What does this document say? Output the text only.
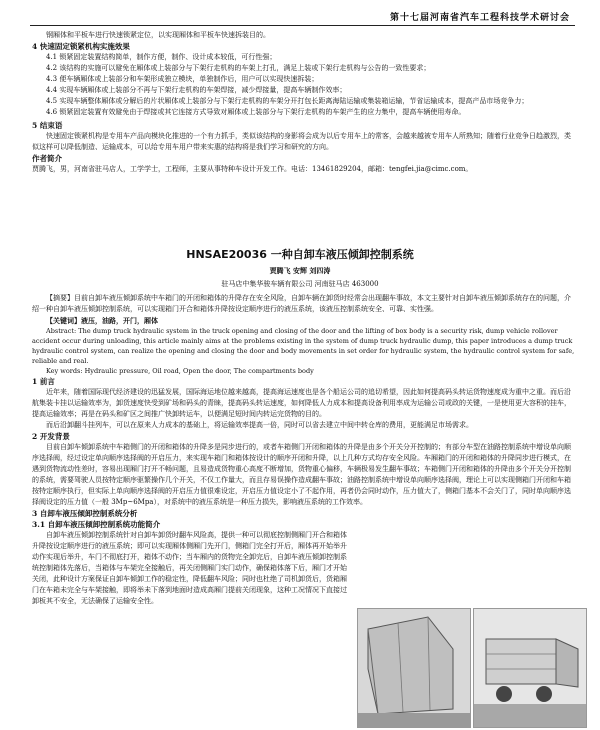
第十七届河南省汽车工程科技学术研讨会

钢厢体和平板车进行快速锁紧定位，以实现厢体和平板车快速拆装目的。

4 快速固定锁紧机构实施效果

4.1 锁紧固定装置结构简单，制作方便，制作、设计成本较低，可行性强；

4.2 该结构的实施可以避免在厢体或上装部分与下架行走机构的车架上打孔，满足上装或下架行走机构与公告的一致性要求；

4.3 便车辆厢体或上装部分和车架形成独立模块，单独制作后，用户可以实现快速拆装；

4.4 实现车辆厢体或上装部分不再与下架行走机构的车架焊接，减少焊接量，提高车辆制作效率；

4.5 实现车辆整体厢体或分解后的片状厢体或上装部分与下架行走机构的车架分开打包长距离海陆运输或集装箱运输，节省运输成本，提高产品市场竞争力；

4.6 锁紧固定装置有效避免由于焊接或其它连接方式导致对厢体或上装部分与下架行走机构的车架产生的应力集中，提高车辆使用寿命。

5 结束语

快速固定锁紧机构是专用车产品向模块化推进的一个有力抓手，类似该结构的身影将会成为以后专用车上的常客，会越来越被专用车人所熟知；随着行业竞争日趋激烈，类似这样可以降低制造、运输成本，可以给专用车用户带来实惠的结构将是我们学习和研究的方向。

作者简介

贾腾飞，男，河南省驻马店人，工学学士，工程师，主要从事特种车设计开发工作。电话：13461829204，邮箱：tengfei.jia@cimc.com。

HNSAE20036 一种自卸车液压倾卸控制系统
贾腾飞 安辉 刘四涛
驻马店中集华骏车辆有限公司 河南驻马店 463000

【摘要】目前自卸车液压倾卸系统中车箱门的开闭和箱体的升降存在安全风险，自卸车辆在卸货时经常会出现翻车事故，本文主要针对自卸车液压倾卸系统存在的问题，介绍一种自卸车液压倾卸控制系统，可以实现箱门开合和箱体升降按设定顺序进行的液压系统，该液压控制系统安全、可靠、实性强。

【关键词】液压，油路，开门，厢体

Abstract: The dump truck hydraulic system in the truck opening and closing of the door and the lifting of box body is a security risk, dump vehicle rollover accident occur during unloading, this article mainly aims at the problems existing in the system of dump truck hydraulic dump, this paper introduces a dump truck hydraulic control system, can realize the opening and closing the door and body movements in set order for hydraulic system, the hydraulic control system for safe, reliable and real.

Key words: Hydraulic pressure, Oil road, Open the door, The compartments body

1 前言

近年来，随着国际现代经济建设的迅猛发展，国际海运地位越来越高，提高海运速度也是各个船运公司的追切希望，因此如何提高码头转运货物速度成为重中之重。而后沿航集装卡挂以运输效率为，卸货速度快受到矿场和码头的青睐，提高码头转运速度，如何降低人力成本和提高设备利用率成为运输公司或政的关键，一是使用更大容积的挂车，提高运输效率；再是在码头和矿区之间推广快卸转运车，以便满足短时间内转运完货物的目的。

而后沿卸翻斗挂列车，可以在原来人力成本的基础上，将运输效率提高一倍，同时可以省去建立中间中转仓库的费用，更能满足市场需求。

2 开发背景

目前自卸车倾卸系统中车箱侧门的开闭和箱体的升降多是同步进行的，或者车箱侧门开闭和箱体的升降是由多个开关分开控制的；有部分车型在油路控制系统中增设单向顺序选择阀，经过设定单向顺序选择阀的开启压力，来实现车箱门和箱体按设计的顺序开闭和升降，以上几种方式均存安全风险。车厢箱门的开闭和箱体的升降同步进行模式，在遇到货物流动性差时，容易出现厢门打开不畅问题，且易造成货物重心高度不断增加，货物重心偏移，车辆极易发生翻车事故；车箱侧门开闭和箱体的升降由多个开关分开控制的系统，需要驾驶人员按特定顺序驱繁操作几个开关，不仅工作量大，而且存易误操作造成翻车事故；油路控制系统中增设单向顺序选择阀，理论上可以实现侧箱门开闭和车箱按特定顺序执行，但实际上单向顺序选择阀的开启压力值很难设定，开启压力值设定小了不起作用，再者仍会同时动作，压力值大了，侧箱门基本不会关门了，同时单向顺序选择阀设定的压力值（一般 3Mp~6Mpa），对系统中的液压系统是一种压力损失，影响液压系统的工作效率。

3 自卸车液压倾卸控制系统分析

3.1 自卸车液压倾卸控制系统功能简介

自卸车液压倾卸控制系统针对自卸车卸货时翻车风险高，提供一种可以彻底控制侧厢门开合和箱体升降按设定顺序进行的液压系统；即可以实现厢体侧厢门先开门，侧箱门完全打开后，厢体再开始举升动作实现后举升，车门不彻底打开，箱体不动作；当车厢内的货物完全卸完后，自卸车液压倾卸控制系统控制箱体先落后，当箱体与车架完全接触后，再关闭侧厢门实门动作，确保箱体落下后，厢门才开始关闭，此种设计方案保证自卸车倾卸工作的稳定性，降低翻车风险；同时也杜绝了司机卸货后，货箱厢门在车箱未完全与车架接触，即将举未下落到地面时造成高厢门提前关闭现象，这种工况情况下直接过卸板其不安全，无法确保了运输安全性。
